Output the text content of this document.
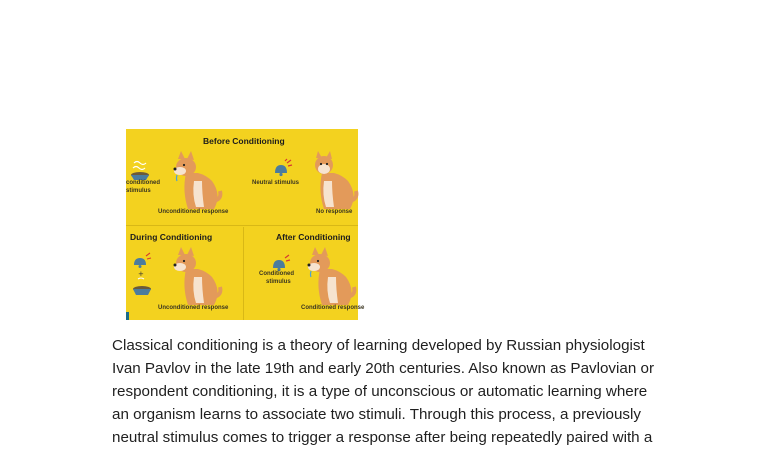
Before Conditioning
During Conditioning	After Conditioning
conditioned
stimulus
Unconditioned response
Neutral stimulus
No response
+
Unconditioned response
Conditioned
stimulus
Conditioned response

Classical conditioning is a theory of learning developed by Russian physiologist

Ivan Pavlov in the late 19th and early 20th centuries. Also known as Pavlovian or

respondent conditioning, it is a type of unconscious or automatic learning where

an organism learns to associate two stimuli. Through this process, a previously

neutral stimulus comes to trigger a response after being repeatedly paired with a
